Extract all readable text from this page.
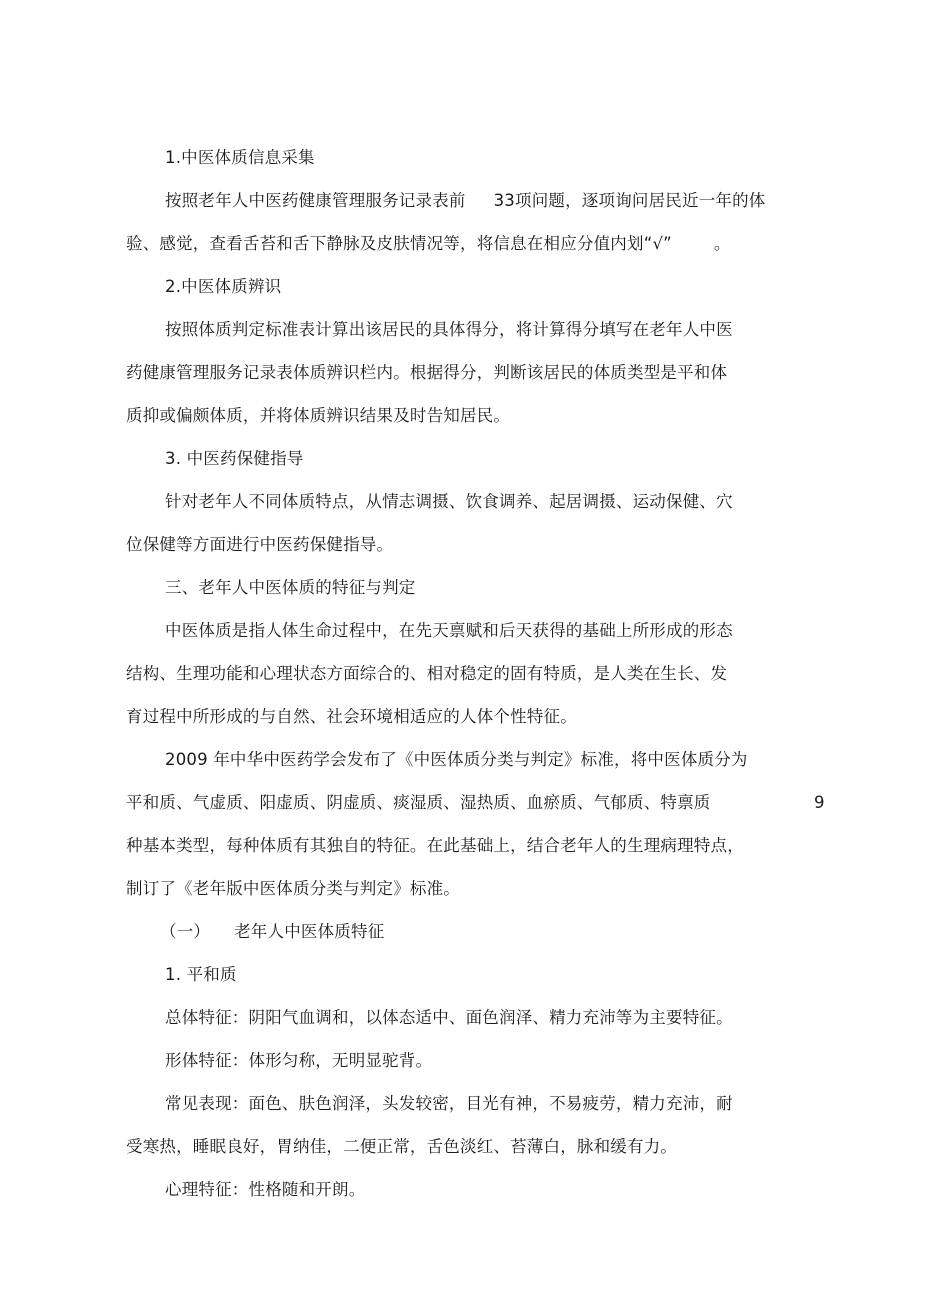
1.中医体质信息采集
按照老年人中医药健康管理服务记录表前 33项问题，逐项询问居民近一年的体
验、感觉，查看舌苔和舌下静脉及皮肤情况等，将信息在相应分值内划“√”	。
2.中医体质辨识
按照体质判定标准表计算出该居民的具体得分，将计算得分填写在老年人中医
药健康管理服务记录表体质辨识栏内。根据得分，判断该居民的体质类型是平和体
质抑或偏颇体质，并将体质辨识结果及时告知居民。
3. 中医药保健指导
针对老年人不同体质特点，从情志调摄、饮食调养、起居调摄、运动保健、穴
位保健等方面进行中医药保健指导。
三、老年人中医体质的特征与判定
中医体质是指人体生命过程中，在先天禀赋和后天获得的基础上所形成的形态
结构、生理功能和心理状态方面综合的、相对稳定的固有特质，是人类在生长、发
育过程中所形成的与自然、社会环境相适应的人体个性特征。
2009 年中华中医药学会发布了《中医体质分类与判定》标准，将中医体质分为
平和质、气虚质、阳虚质、阴虚质、痰湿质、湿热质、血瘀质、气郁质、特禀质	9
种基本类型，每种体质有其独自的特征。在此基础上，结合老年人的生理病理特点，
制订了《老年版中医体质分类与判定》标准。
（一） 老年人中医体质特征
1. 平和质
总体特征：阴阳气血调和，以体态适中、面色润泽、精力充沛等为主要特征。
形体特征：体形匀称，无明显驼背。
常见表现：面色、肤色润泽，头发较密，目光有神，不易疲劳，精力充沛，耐
受寒热，睡眠良好，胃纳佳，二便正常，舌色淡红、苔薄白，脉和缓有力。
心理特征：性格随和开朗。
